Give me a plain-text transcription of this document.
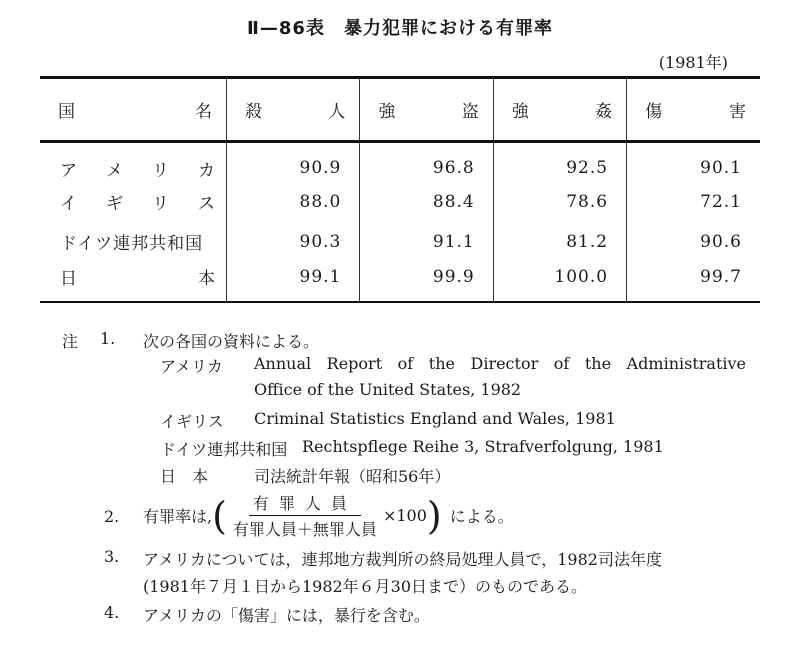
Ⅱ—86表　暴力犯罪における有罪率
(1981年)
国 名	殺 人	強 盗	強 姦	傷 害

ア メ リ カ	90.9	96.8	92.5	90.1

イ ギ リ ス	88.0	88.4	78.6	72.1
ドイツ連邦共和国	90.3	91.1	81.2	90.6

日 本	99.1	99.9	100.0	99.7
注 1. 次の各国の資料による。
アメリカ Annual Report of the Director of the Administrative
Office of the United States, 1982
イギリス Criminal Statistics England and Wales, 1981
ドイツ連邦共和国 Rechtspflege Reihe 3, Strafverfolgung, 1981
日　本	司法統計年報（昭和56年）
2. 有罪率は, ( $\frac{\text{有罪人員}}{\text{有罪人員＋無罪人員}} \times 100$ ) による。
3. アメリカについては，連邦地方裁判所の終局処理人員で，1982司法年度
(1981年７月１日から1982年６月30日まで）のものである。
4. アメリカの「傷害」には，暴行を含む。
